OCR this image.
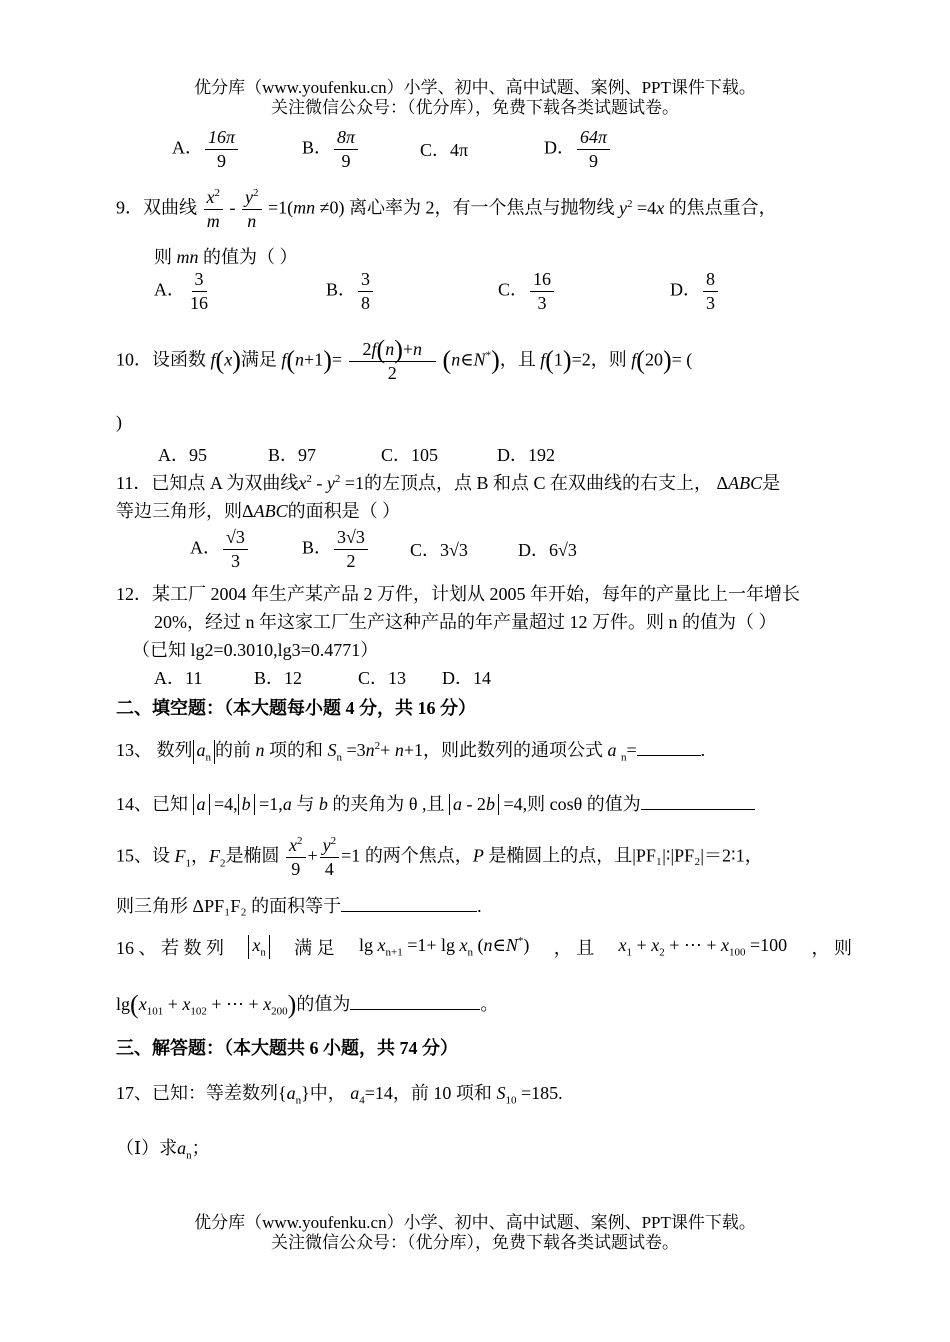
优分库（www.youfenku.cn）小学、初中、高中试题、案例、PPT课件下载。
关注微信公众号：（优分库），免费下载各类试题试卷。
A． $\frac{16\pi}{9}$	B． $\frac{8\pi}{9}$	C．4π	D． $\frac{64\pi}{9}$
9．双曲线 $\frac{x^2}{m} - \frac{y^2}{n} =1(mn \ne 0)$ 离心率为 2，有一个焦点与抛物线 $y^2 =4x$ 的焦点重合，
则 mn 的值为（ ）
A． $\frac{3}{16}$	B． $\frac{3}{8}$	C． $\frac{16}{3}$	D． $\frac{8}{3}$
10．设函数 f(x)满足 $f(n+1)= \frac{2f(n)+n}{2}$ (n∈N*)，且 f(1)=2，则 f(20)= (
)
A．95	B．97	C．105	D．192
11．已知点 A 为双曲线$x^2 - y^2 =1$的左顶点，点 B 和点 C 在双曲线的右支上， ΔABC是
等边三角形，则ΔABC的面积是（ ）
A． $\frac{√3}{3}$	B． $\frac{3√3}{2}$ C．3√3	D．6√3
12．某工厂 2004 年生产某产品 2 万件，计划从 2005 年开始，每年的产量比上一年增长
20%，经过 n 年这家工厂生产这种产品的年产量超过 12 万件。则 n 的值为（ ）
（已知 lg2=0.3010,lg3=0.4771）
A．11	B．12	C．13 D．14
二、填空题：（本大题每小题 4 分，共 16 分）
13、 数列 $a_n$ 的前 n 项的和 $S_n =3n^2+ n+1$，则此数列的通项公式 a $_n$=	.
14、已知 a =4, b =1,a 与 b 的夹角为 θ ,且 a - 2b =4,则 cosθ 的值为
15、设 $F_1$，$F_2$是椭圆 $\frac{x^2}{9} + \frac{y^2}{4} =1$ 的两个焦点，P 是椭圆上的点，且|PF₁|∶|PF₂|＝2∶1，
则三角形 ΔPF₁F₂ 的面积等于	.
16 、 若 数 列 $x_n$ 满 足 $\lg x_{n+1} =1+ \lg x_n$ (n∈N*) ， 且 $x_1 + x_2$ + ⋯ + $x_{100} =100$ ， 则
$\lg(x_{101} + x_{102}$ + ⋯ + $x_{200}$)的值为	。
三、解答题：（本大题共 6 小题，共 74 分）
17、已知：等差数列$\{a_n\}$中， $a_4=14$，前 10 项和 $S_{10} =185$.
（Ⅰ）求$a_n$；
优分库（www.youfenku.cn）小学、初中、高中试题、案例、PPT课件下载。
关注微信公众号：（优分库），免费下载各类试题试卷。
